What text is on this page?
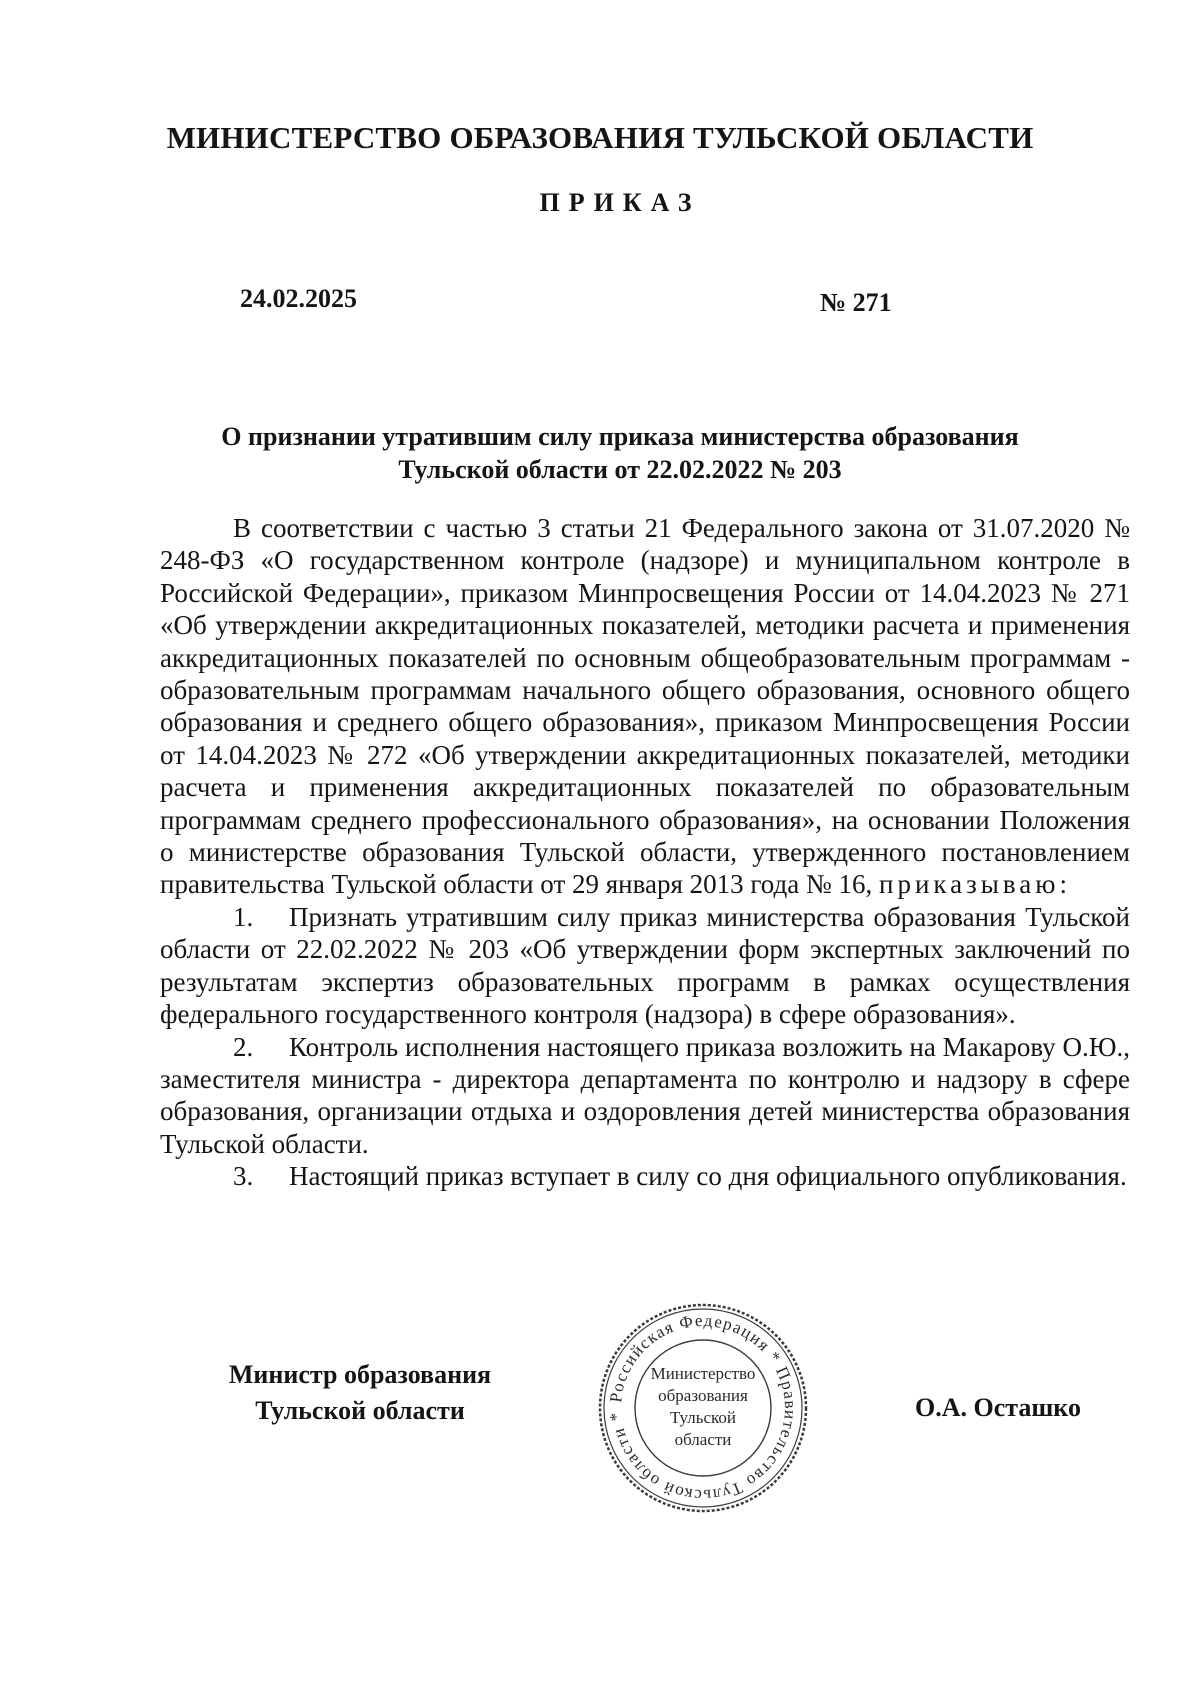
МИНИСТЕРСТВО ОБРАЗОВАНИЯ ТУЛЬСКОЙ ОБЛАСТИ
ПРИКАЗ
24.02.2025	№ 271
О признании утратившим силу приказа министерства образования
Тульской области от 22.02.2022 № 203

В соответствии с частью 3 статьи 21 Федерального закона от 31.07.2020 № 248-ФЗ «О государственном контроле (надзоре) и муниципальном контроле в Российской Федерации», приказом Минпросвещения России от 14.04.2023 № 271 «Об утверждении аккредитационных показателей, методики расчета и применения аккредитационных показателей по основным общеобразовательным программам - образовательным программам начального общего образования, основного общего образования и среднего общего образования», приказом Минпросвещения России от 14.04.2023 № 272 «Об утверждении аккредитационных показателей, методики расчета и применения аккредитационных показателей по образовательным программам среднего профессионального образования», на основании Положения о министерстве образования Тульской области, утвержденного постановлением правительства Тульской области от 29 января 2013 года № 16, приказываю:

1. Признать утратившим силу приказ министерства образования Тульской области от 22.02.2022 № 203 «Об утверждении форм экспертных заключений по результатам экспертиз образовательных программ в рамках осуществления федерального государственного контроля (надзора) в сфере образования».

2. Контроль исполнения настоящего приказа возложить на Макарову О.Ю., заместителя министра - директора департамента по контролю и надзору в сфере образования, организации отдыха и оздоровления детей министерства образования Тульской области.

3. Настоящий приказ вступает в силу со дня официального опубликования.

Министр образования
Тульской области	О.А. Осташко
Российская Федерация * Правительство Тульской области *
Министерство
образования
Тульской
области
